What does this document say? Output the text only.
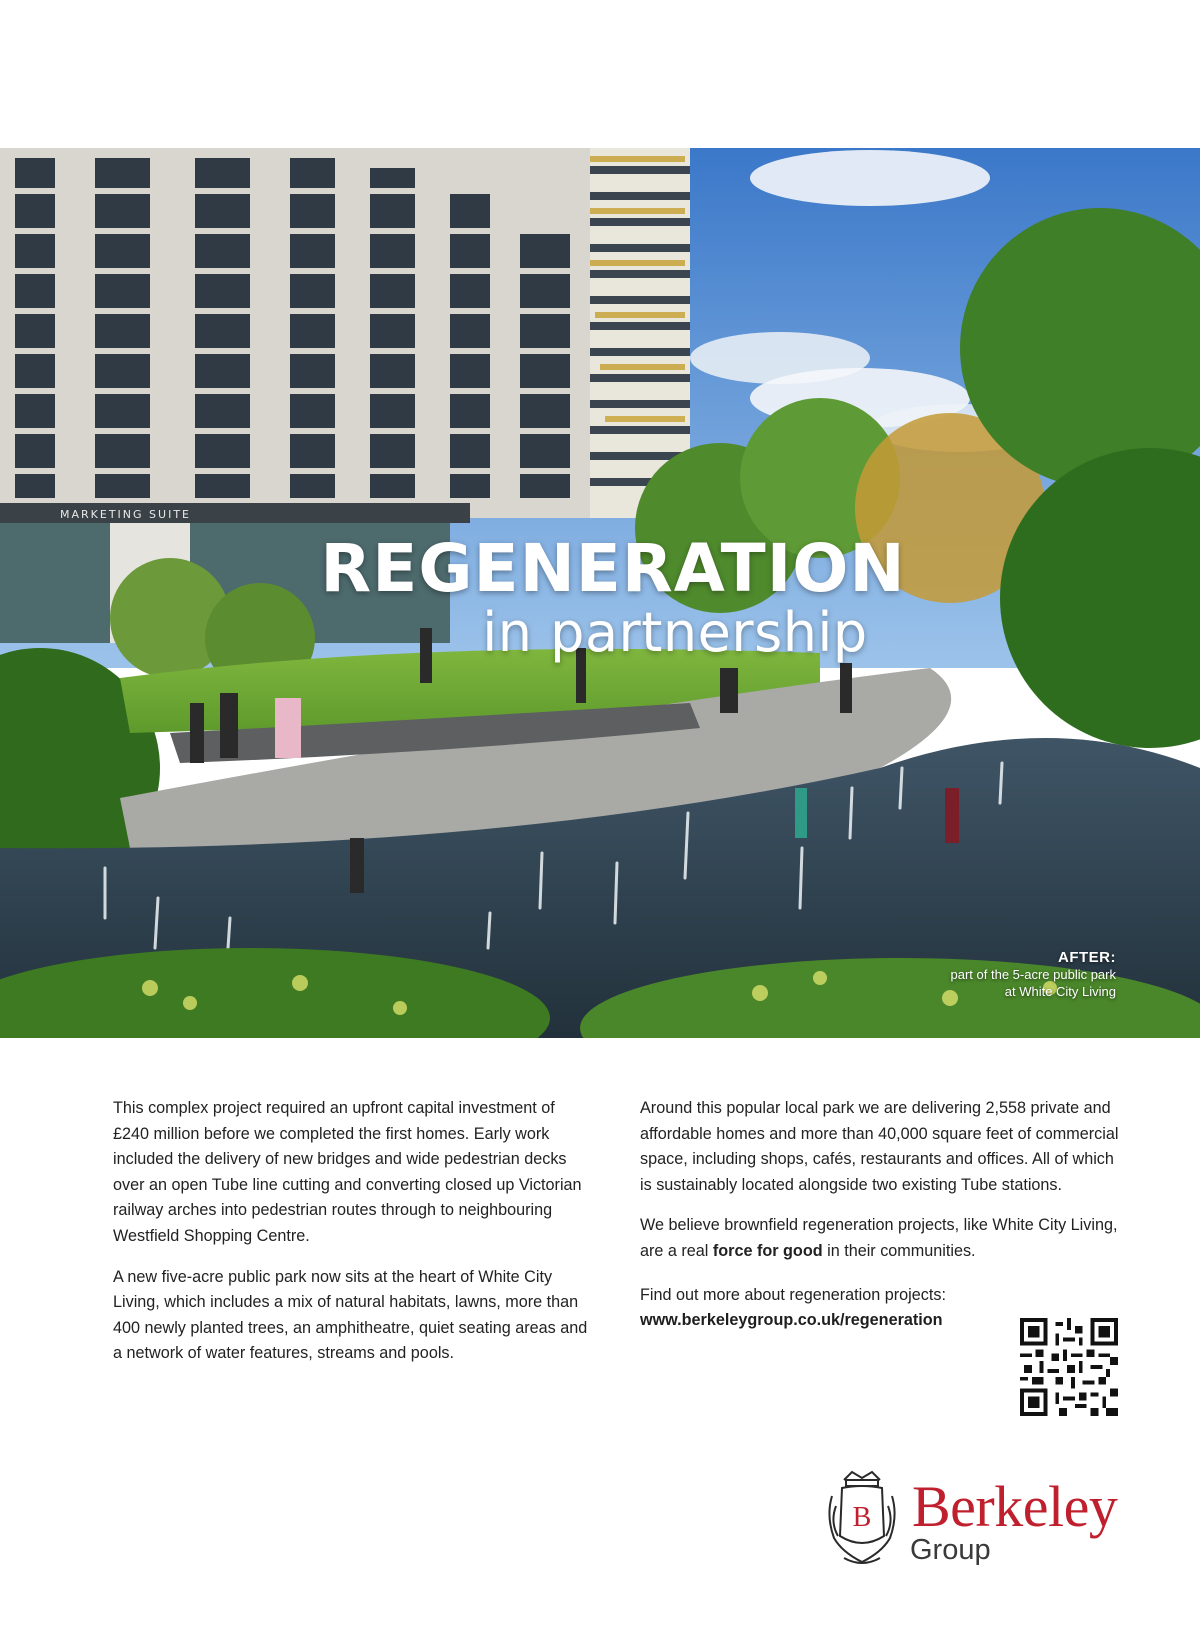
MARKETING SUITE
REGENERATION
in partnership
AFTER:
part of the 5-acre public park
at White City Living

This complex project required an upfront capital investment of £240 million before we completed the first homes. Early work included the delivery of new bridges and wide pedestrian decks over an open Tube line cutting and converting closed up Victorian railway arches into pedestrian routes through to neighbouring Westfield Shopping Centre.

A new five-acre public park now sits at the heart of White City Living, which includes a mix of natural habitats, lawns, more than 400 newly planted trees, an amphitheatre, quiet seating areas and a network of water features, streams and pools.

Around this popular local park we are delivering 2,558 private and affordable homes and more than 40,000 square feet of commercial space, including shops, cafés, restaurants and offices. All of which is sustainably located alongside two existing Tube stations.

We believe brownfield regeneration projects, like White City Living, are a real force for good in their communities.

Find out more about regeneration projects:
www.berkeleygroup.co.uk/regeneration

B Berkeley
Group
